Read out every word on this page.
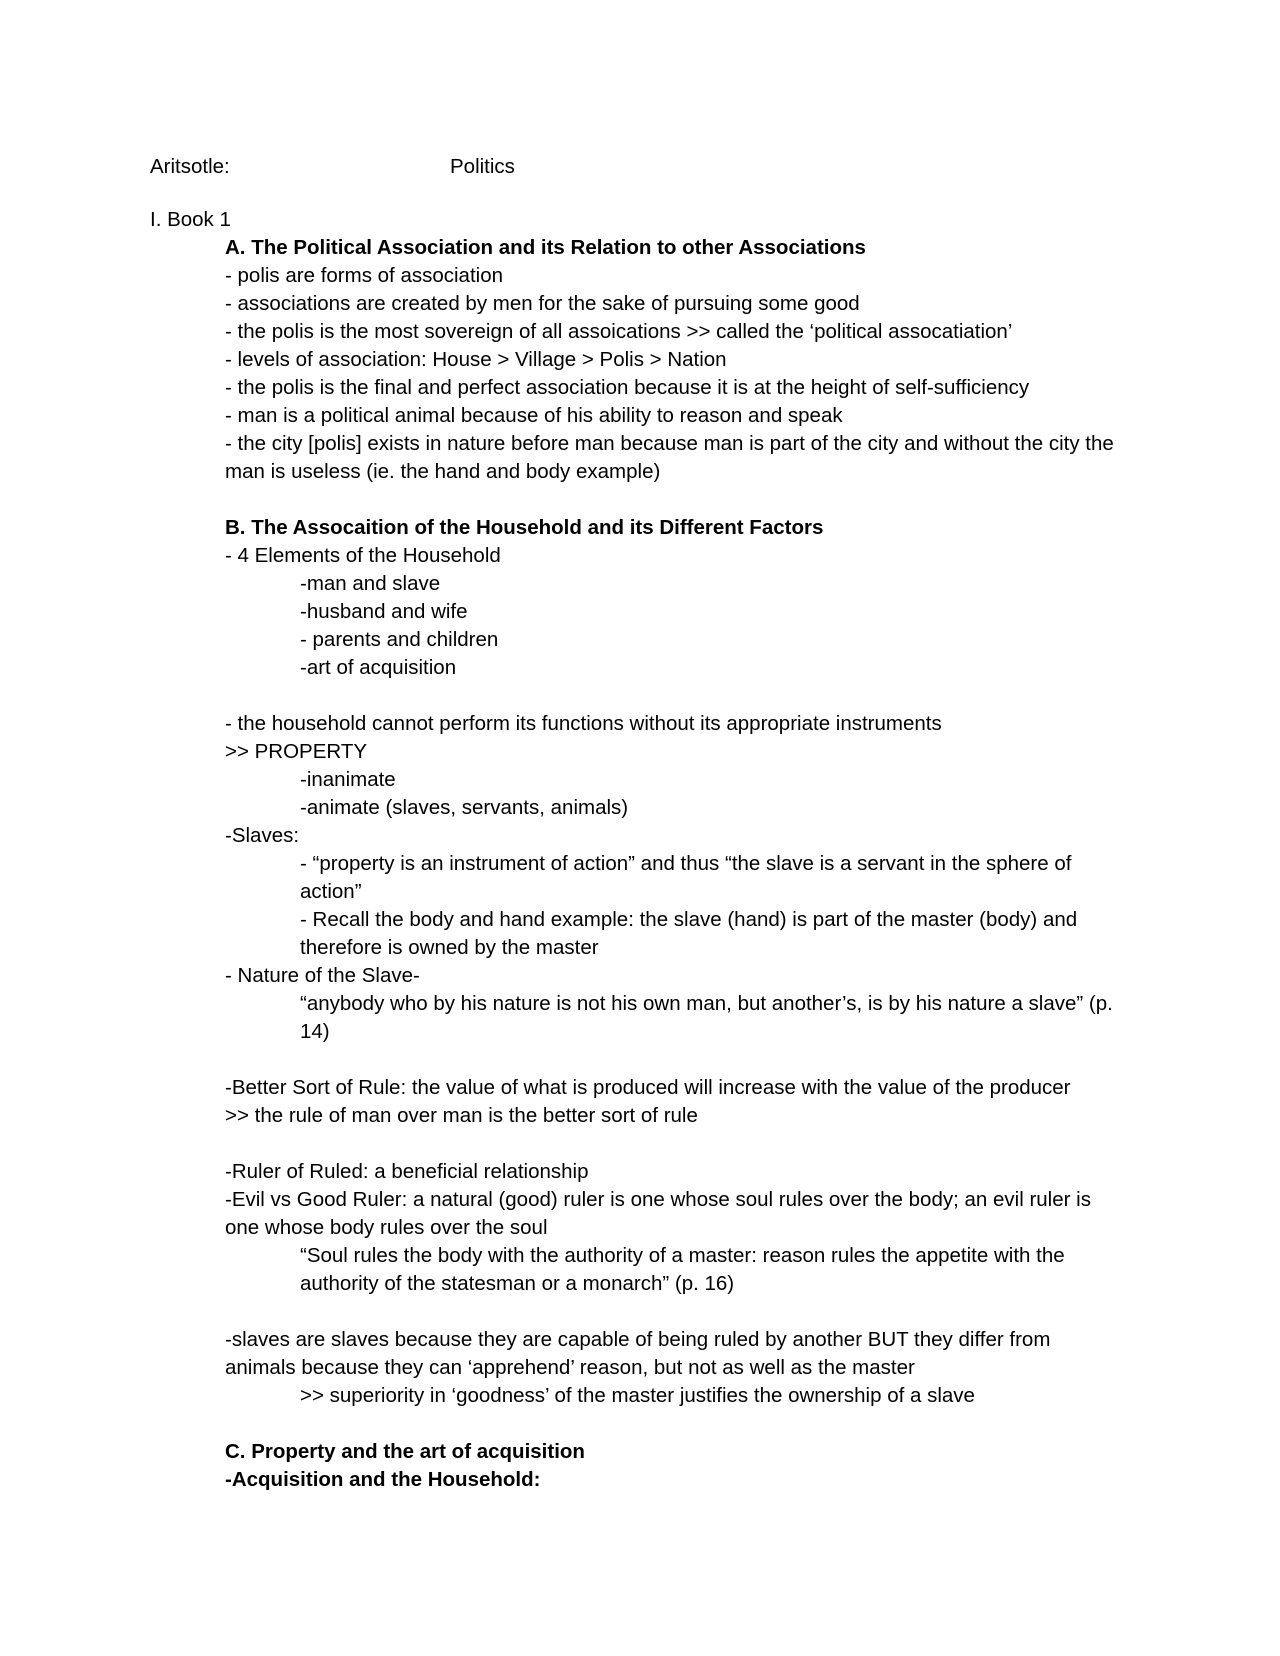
Aritsotle:	Politics
I. Book 1
A. The Political Association and its Relation to other Associations
- polis are forms of association
- associations are created by men for the sake of pursuing some good
- the polis is the most sovereign of all assoications >> called the ‘political assocatiation’
- levels of association: House > Village > Polis > Nation
- the polis is the final and perfect association because it is at the height of self-sufficiency
- man is a political animal because of his ability to reason and speak
- the city [polis] exists in nature before man because man is part of the city and without the city the man is useless (ie. the hand and body example)
B. The Assocaition of the Household and its Different Factors
- 4 Elements of the Household
-man and slave
-husband and wife
- parents and children
-art of acquisition
- the household cannot perform its functions without its appropriate instruments
>> PROPERTY
-inanimate
-animate (slaves, servants, animals)
-Slaves:
- “property is an instrument of action” and thus “the slave is a servant in the sphere of action”
- Recall the body and hand example: the slave (hand) is part of the master (body) and therefore is owned by the master
- Nature of the Slave-
“anybody who by his nature is not his own man, but another’s, is by his nature a slave” (p. 14)
-Better Sort of Rule: the value of what is produced will increase with the value of the producer
>> the rule of man over man is the better sort of rule
-Ruler of Ruled: a beneficial relationship
-Evil vs Good Ruler: a natural (good) ruler is one whose soul rules over the body; an evil ruler is one whose body rules over the soul
“Soul rules the body with the authority of a master: reason rules the appetite with the authority of the statesman or a monarch” (p. 16)
-slaves are slaves because they are capable of being ruled by another BUT they differ from animals because they can ‘apprehend’ reason, but not as well as the master
>> superiority in ‘goodness’ of the master justifies the ownership of a slave
C. Property and the art of acquisition
-Acquisition and the Household:
